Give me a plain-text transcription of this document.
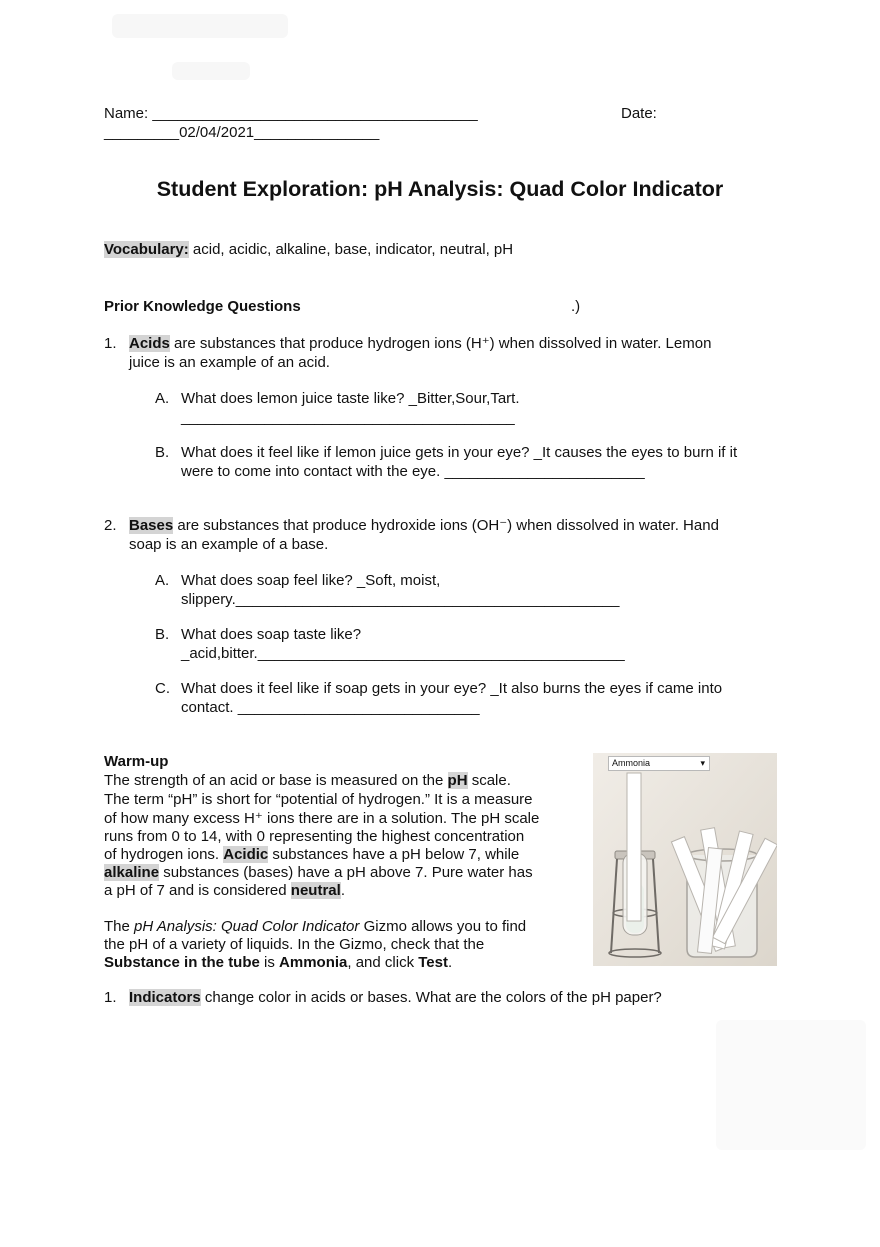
Name: _______________________________________	Date:
_________02/04/2021_______________
Student Exploration: pH Analysis: Quad Color Indicator
Vocabulary: acid, acidic, alkaline, base, indicator, neutral, pH
Prior Knowledge Questions	.)
1. Acids are substances that produce hydrogen ions (H⁺) when dissolved in water. Lemon
juice is an example of an acid.
A. What does lemon juice taste like? _Bitter,Sour,Tart.
________________________________________
B. What does it feel like if lemon juice gets in your eye? _It causes the eyes to burn if it
were to come into contact with the eye. ________________________
2. Bases are substances that produce hydroxide ions (OH⁻) when dissolved in water. Hand
soap is an example of a base.
A. What does soap feel like? _Soft, moist,
slippery.______________________________________________
B. What does soap taste like?
_acid,bitter.____________________________________________
C. What does it feel like if soap gets in your eye? _It also burns the eyes if came into
contact. _____________________________
Warm-up
The strength of an acid or base is measured on the pH scale.
The term “pH” is short for “potential of hydrogen.” It is a measure
of how many excess H⁺ ions there are in a solution. The pH scale
runs from 0 to 14, with 0 representing the highest concentration
of hydrogen ions. Acidic substances have a pH below 7, while
alkaline substances (bases) have a pH above 7. Pure water has
a pH of 7 and is considered neutral.
The pH Analysis: Quad Color Indicator Gizmo allows you to find
the pH of a variety of liquids. In the Gizmo, check that the
Substance in the tube is Ammonia, and click Test.
1. Indicators change color in acids or bases. What are the colors of the pH paper?
Ammonia	▾
